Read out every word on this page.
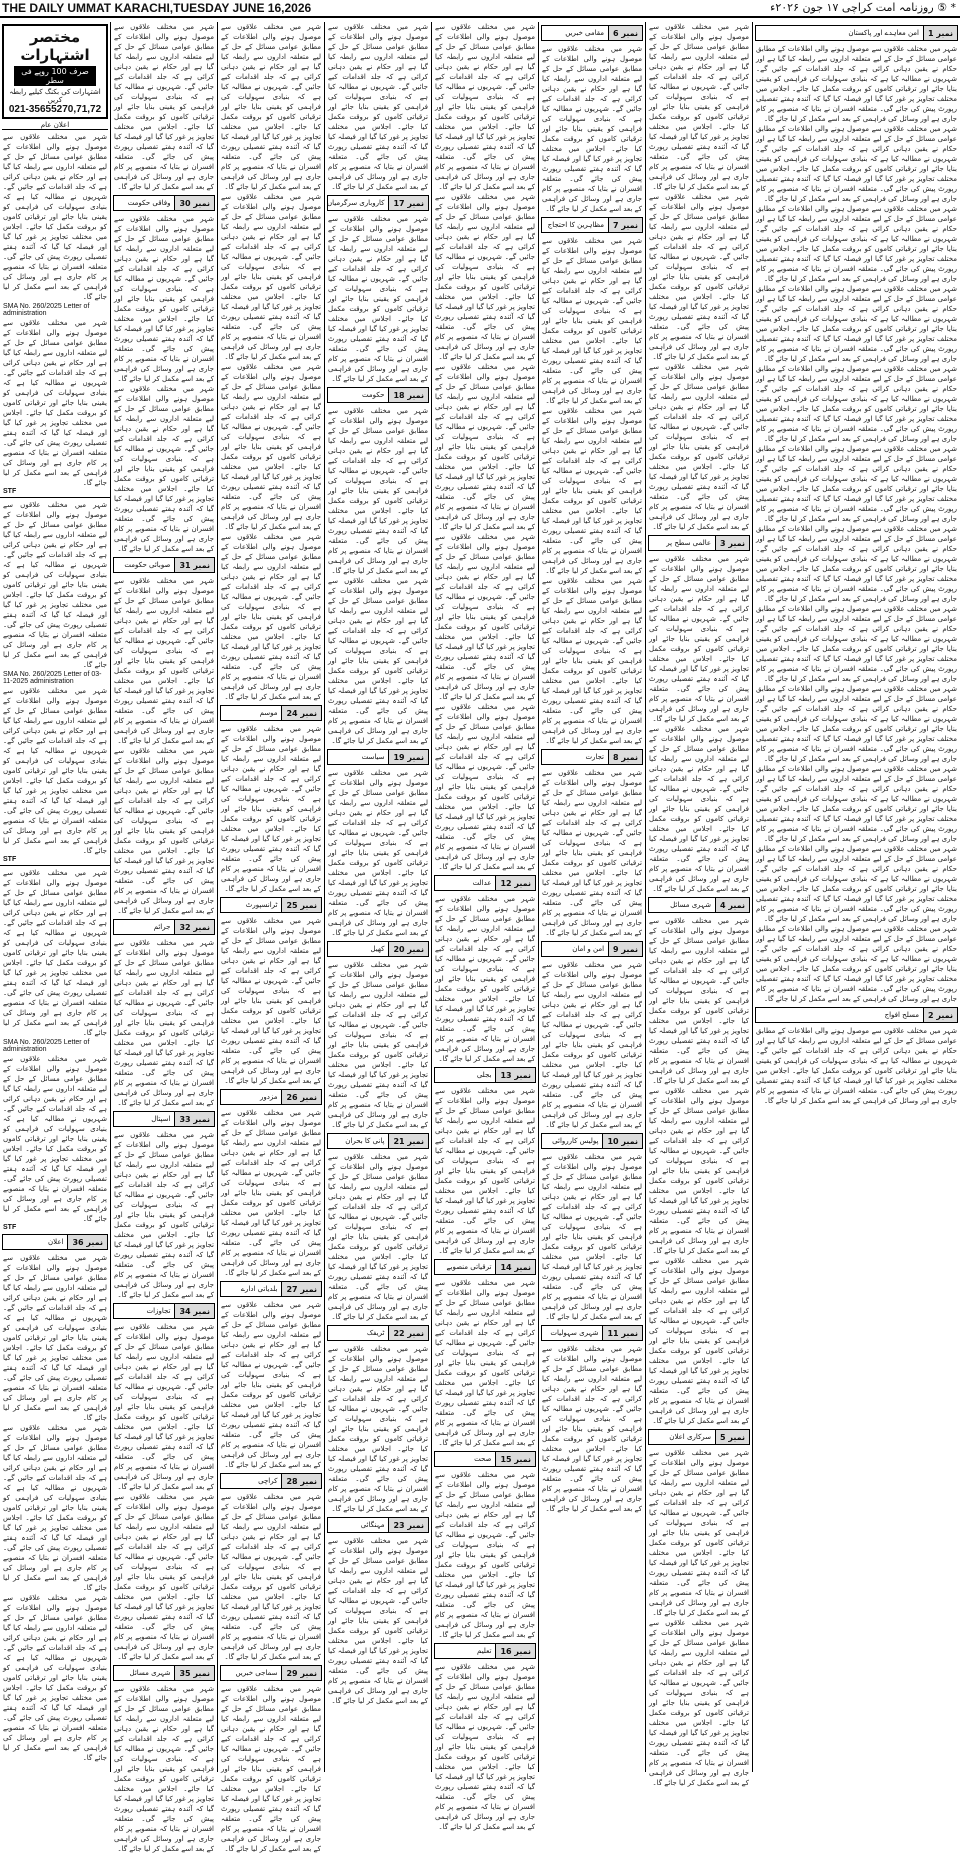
THE DAILY UMMAT KARACHI,TUESDAY JUNE 16,2026	* ⑤ روزنامہ امت کراچی ۱۷ جون ۲۰۲۶ء
مختصر اشتہارات
صرف 100 روپے فی سطر
اشتہارات کی بکنگ کیلیے رابطہ کریں
021-35655270,71,72
اعلان عام
شہر میں مختلف علاقوں سے موصول ہونے والی اطلاعات کے مطابق عوامی مسائل کے حل کے لیے متعلقہ اداروں سے رابطہ کیا گیا ہے اور حکام نے یقین دہانی کرائی ہے کہ جلد اقدامات کیے جائیں گے۔ شہریوں نے مطالبہ کیا ہے کہ بنیادی سہولیات کی فراہمی کو یقینی بنایا جائے اور ترقیاتی کاموں کو بروقت مکمل کیا جائے۔ اجلاس میں مختلف تجاویز پر غور کیا گیا اور فیصلہ کیا گیا کہ آئندہ ہفتے تفصیلی رپورٹ پیش کی جائے گی۔ متعلقہ افسران نے بتایا کہ منصوبے پر کام جاری ہے اور وسائل کی فراہمی کے بعد اسے مکمل کر لیا جائے گا۔
SMA No. 260/2025 Letter of administration
شہر میں مختلف علاقوں سے موصول ہونے والی اطلاعات کے مطابق عوامی مسائل کے حل کے لیے متعلقہ اداروں سے رابطہ کیا گیا ہے اور حکام نے یقین دہانی کرائی ہے کہ جلد اقدامات کیے جائیں گے۔ شہریوں نے مطالبہ کیا ہے کہ بنیادی سہولیات کی فراہمی کو یقینی بنایا جائے اور ترقیاتی کاموں کو بروقت مکمل کیا جائے۔ اجلاس میں مختلف تجاویز پر غور کیا گیا اور فیصلہ کیا گیا کہ آئندہ ہفتے تفصیلی رپورٹ پیش کی جائے گی۔ متعلقہ افسران نے بتایا کہ منصوبے پر کام جاری ہے اور وسائل کی فراہمی کے بعد اسے مکمل کر لیا جائے گا۔
STF
شہر میں مختلف علاقوں سے موصول ہونے والی اطلاعات کے مطابق عوامی مسائل کے حل کے لیے متعلقہ اداروں سے رابطہ کیا گیا ہے اور حکام نے یقین دہانی کرائی ہے کہ جلد اقدامات کیے جائیں گے۔ شہریوں نے مطالبہ کیا ہے کہ بنیادی سہولیات کی فراہمی کو یقینی بنایا جائے اور ترقیاتی کاموں کو بروقت مکمل کیا جائے۔ اجلاس میں مختلف تجاویز پر غور کیا گیا اور فیصلہ کیا گیا کہ آئندہ ہفتے تفصیلی رپورٹ پیش کی جائے گی۔ متعلقہ افسران نے بتایا کہ منصوبے پر کام جاری ہے اور وسائل کی فراہمی کے بعد اسے مکمل کر لیا جائے گا۔
SMA No. 260/2025 Letter of 03-11-2025 administration
شہر میں مختلف علاقوں سے موصول ہونے والی اطلاعات کے مطابق عوامی مسائل کے حل کے لیے متعلقہ اداروں سے رابطہ کیا گیا ہے اور حکام نے یقین دہانی کرائی ہے کہ جلد اقدامات کیے جائیں گے۔ شہریوں نے مطالبہ کیا ہے کہ بنیادی سہولیات کی فراہمی کو یقینی بنایا جائے اور ترقیاتی کاموں کو بروقت مکمل کیا جائے۔ اجلاس میں مختلف تجاویز پر غور کیا گیا اور فیصلہ کیا گیا کہ آئندہ ہفتے تفصیلی رپورٹ پیش کی جائے گی۔ متعلقہ افسران نے بتایا کہ منصوبے پر کام جاری ہے اور وسائل کی فراہمی کے بعد اسے مکمل کر لیا جائے گا۔
STF
شہر میں مختلف علاقوں سے موصول ہونے والی اطلاعات کے مطابق عوامی مسائل کے حل کے لیے متعلقہ اداروں سے رابطہ کیا گیا ہے اور حکام نے یقین دہانی کرائی ہے کہ جلد اقدامات کیے جائیں گے۔ شہریوں نے مطالبہ کیا ہے کہ بنیادی سہولیات کی فراہمی کو یقینی بنایا جائے اور ترقیاتی کاموں کو بروقت مکمل کیا جائے۔ اجلاس میں مختلف تجاویز پر غور کیا گیا اور فیصلہ کیا گیا کہ آئندہ ہفتے تفصیلی رپورٹ پیش کی جائے گی۔ متعلقہ افسران نے بتایا کہ منصوبے پر کام جاری ہے اور وسائل کی فراہمی کے بعد اسے مکمل کر لیا جائے گا۔
SMA No. 260/2025 Letter of administration
شہر میں مختلف علاقوں سے موصول ہونے والی اطلاعات کے مطابق عوامی مسائل کے حل کے لیے متعلقہ اداروں سے رابطہ کیا گیا ہے اور حکام نے یقین دہانی کرائی ہے کہ جلد اقدامات کیے جائیں گے۔ شہریوں نے مطالبہ کیا ہے کہ بنیادی سہولیات کی فراہمی کو یقینی بنایا جائے اور ترقیاتی کاموں کو بروقت مکمل کیا جائے۔ اجلاس میں مختلف تجاویز پر غور کیا گیا اور فیصلہ کیا گیا کہ آئندہ ہفتے تفصیلی رپورٹ پیش کی جائے گی۔ متعلقہ افسران نے بتایا کہ منصوبے پر کام جاری ہے اور وسائل کی فراہمی کے بعد اسے مکمل کر لیا جائے گا۔
STF
نمبر 36
اعلان
شہر میں مختلف علاقوں سے موصول ہونے والی اطلاعات کے مطابق عوامی مسائل کے حل کے لیے متعلقہ اداروں سے رابطہ کیا گیا ہے اور حکام نے یقین دہانی کرائی ہے کہ جلد اقدامات کیے جائیں گے۔ شہریوں نے مطالبہ کیا ہے کہ بنیادی سہولیات کی فراہمی کو یقینی بنایا جائے اور ترقیاتی کاموں کو بروقت مکمل کیا جائے۔ اجلاس میں مختلف تجاویز پر غور کیا گیا اور فیصلہ کیا گیا کہ آئندہ ہفتے تفصیلی رپورٹ پیش کی جائے گی۔ متعلقہ افسران نے بتایا کہ منصوبے پر کام جاری ہے اور وسائل کی فراہمی کے بعد اسے مکمل کر لیا جائے گا۔
شہر میں مختلف علاقوں سے موصول ہونے والی اطلاعات کے مطابق عوامی مسائل کے حل کے لیے متعلقہ اداروں سے رابطہ کیا گیا ہے اور حکام نے یقین دہانی کرائی ہے کہ جلد اقدامات کیے جائیں گے۔ شہریوں نے مطالبہ کیا ہے کہ بنیادی سہولیات کی فراہمی کو یقینی بنایا جائے اور ترقیاتی کاموں کو بروقت مکمل کیا جائے۔ اجلاس میں مختلف تجاویز پر غور کیا گیا اور فیصلہ کیا گیا کہ آئندہ ہفتے تفصیلی رپورٹ پیش کی جائے گی۔ متعلقہ افسران نے بتایا کہ منصوبے پر کام جاری ہے اور وسائل کی فراہمی کے بعد اسے مکمل کر لیا جائے گا۔
شہر میں مختلف علاقوں سے موصول ہونے والی اطلاعات کے مطابق عوامی مسائل کے حل کے لیے متعلقہ اداروں سے رابطہ کیا گیا ہے اور حکام نے یقین دہانی کرائی ہے کہ جلد اقدامات کیے جائیں گے۔ شہریوں نے مطالبہ کیا ہے کہ بنیادی سہولیات کی فراہمی کو یقینی بنایا جائے اور ترقیاتی کاموں کو بروقت مکمل کیا جائے۔ اجلاس میں مختلف تجاویز پر غور کیا گیا اور فیصلہ کیا گیا کہ آئندہ ہفتے تفصیلی رپورٹ پیش کی جائے گی۔ متعلقہ افسران نے بتایا کہ منصوبے پر کام جاری ہے اور وسائل کی فراہمی کے بعد اسے مکمل کر لیا جائے گا۔
شہر میں مختلف علاقوں سے موصول ہونے والی اطلاعات کے مطابق عوامی مسائل کے حل کے لیے متعلقہ اداروں سے رابطہ کیا گیا ہے اور حکام نے یقین دہانی کرائی ہے کہ جلد اقدامات کیے جائیں گے۔ شہریوں نے مطالبہ کیا ہے کہ بنیادی سہولیات کی فراہمی کو یقینی بنایا جائے اور ترقیاتی کاموں کو بروقت مکمل کیا جائے۔ اجلاس میں مختلف تجاویز پر غور کیا گیا اور فیصلہ کیا گیا کہ آئندہ ہفتے تفصیلی رپورٹ پیش کی جائے گی۔ متعلقہ افسران نے بتایا کہ منصوبے پر کام جاری ہے اور وسائل کی فراہمی کے بعد اسے مکمل کر لیا جائے گا۔
نمبر 30
وفاقی حکومت
شہر میں مختلف علاقوں سے موصول ہونے والی اطلاعات کے مطابق عوامی مسائل کے حل کے لیے متعلقہ اداروں سے رابطہ کیا گیا ہے اور حکام نے یقین دہانی کرائی ہے کہ جلد اقدامات کیے جائیں گے۔ شہریوں نے مطالبہ کیا ہے کہ بنیادی سہولیات کی فراہمی کو یقینی بنایا جائے اور ترقیاتی کاموں کو بروقت مکمل کیا جائے۔ اجلاس میں مختلف تجاویز پر غور کیا گیا اور فیصلہ کیا گیا کہ آئندہ ہفتے تفصیلی رپورٹ پیش کی جائے گی۔ متعلقہ افسران نے بتایا کہ منصوبے پر کام جاری ہے اور وسائل کی فراہمی کے بعد اسے مکمل کر لیا جائے گا۔
شہر میں مختلف علاقوں سے موصول ہونے والی اطلاعات کے مطابق عوامی مسائل کے حل کے لیے متعلقہ اداروں سے رابطہ کیا گیا ہے اور حکام نے یقین دہانی کرائی ہے کہ جلد اقدامات کیے جائیں گے۔ شہریوں نے مطالبہ کیا ہے کہ بنیادی سہولیات کی فراہمی کو یقینی بنایا جائے اور ترقیاتی کاموں کو بروقت مکمل کیا جائے۔ اجلاس میں مختلف تجاویز پر غور کیا گیا اور فیصلہ کیا گیا کہ آئندہ ہفتے تفصیلی رپورٹ پیش کی جائے گی۔ متعلقہ افسران نے بتایا کہ منصوبے پر کام جاری ہے اور وسائل کی فراہمی کے بعد اسے مکمل کر لیا جائے گا۔
نمبر 31
صوبائی حکومت
شہر میں مختلف علاقوں سے موصول ہونے والی اطلاعات کے مطابق عوامی مسائل کے حل کے لیے متعلقہ اداروں سے رابطہ کیا گیا ہے اور حکام نے یقین دہانی کرائی ہے کہ جلد اقدامات کیے جائیں گے۔ شہریوں نے مطالبہ کیا ہے کہ بنیادی سہولیات کی فراہمی کو یقینی بنایا جائے اور ترقیاتی کاموں کو بروقت مکمل کیا جائے۔ اجلاس میں مختلف تجاویز پر غور کیا گیا اور فیصلہ کیا گیا کہ آئندہ ہفتے تفصیلی رپورٹ پیش کی جائے گی۔ متعلقہ افسران نے بتایا کہ منصوبے پر کام جاری ہے اور وسائل کی فراہمی کے بعد اسے مکمل کر لیا جائے گا۔
شہر میں مختلف علاقوں سے موصول ہونے والی اطلاعات کے مطابق عوامی مسائل کے حل کے لیے متعلقہ اداروں سے رابطہ کیا گیا ہے اور حکام نے یقین دہانی کرائی ہے کہ جلد اقدامات کیے جائیں گے۔ شہریوں نے مطالبہ کیا ہے کہ بنیادی سہولیات کی فراہمی کو یقینی بنایا جائے اور ترقیاتی کاموں کو بروقت مکمل کیا جائے۔ اجلاس میں مختلف تجاویز پر غور کیا گیا اور فیصلہ کیا گیا کہ آئندہ ہفتے تفصیلی رپورٹ پیش کی جائے گی۔ متعلقہ افسران نے بتایا کہ منصوبے پر کام جاری ہے اور وسائل کی فراہمی کے بعد اسے مکمل کر لیا جائے گا۔
نمبر 32
جرائم
شہر میں مختلف علاقوں سے موصول ہونے والی اطلاعات کے مطابق عوامی مسائل کے حل کے لیے متعلقہ اداروں سے رابطہ کیا گیا ہے اور حکام نے یقین دہانی کرائی ہے کہ جلد اقدامات کیے جائیں گے۔ شہریوں نے مطالبہ کیا ہے کہ بنیادی سہولیات کی فراہمی کو یقینی بنایا جائے اور ترقیاتی کاموں کو بروقت مکمل کیا جائے۔ اجلاس میں مختلف تجاویز پر غور کیا گیا اور فیصلہ کیا گیا کہ آئندہ ہفتے تفصیلی رپورٹ پیش کی جائے گی۔ متعلقہ افسران نے بتایا کہ منصوبے پر کام جاری ہے اور وسائل کی فراہمی کے بعد اسے مکمل کر لیا جائے گا۔
نمبر 33
اسپتال
شہر میں مختلف علاقوں سے موصول ہونے والی اطلاعات کے مطابق عوامی مسائل کے حل کے لیے متعلقہ اداروں سے رابطہ کیا گیا ہے اور حکام نے یقین دہانی کرائی ہے کہ جلد اقدامات کیے جائیں گے۔ شہریوں نے مطالبہ کیا ہے کہ بنیادی سہولیات کی فراہمی کو یقینی بنایا جائے اور ترقیاتی کاموں کو بروقت مکمل کیا جائے۔ اجلاس میں مختلف تجاویز پر غور کیا گیا اور فیصلہ کیا گیا کہ آئندہ ہفتے تفصیلی رپورٹ پیش کی جائے گی۔ متعلقہ افسران نے بتایا کہ منصوبے پر کام جاری ہے اور وسائل کی فراہمی کے بعد اسے مکمل کر لیا جائے گا۔
نمبر 34
تجاوزات
شہر میں مختلف علاقوں سے موصول ہونے والی اطلاعات کے مطابق عوامی مسائل کے حل کے لیے متعلقہ اداروں سے رابطہ کیا گیا ہے اور حکام نے یقین دہانی کرائی ہے کہ جلد اقدامات کیے جائیں گے۔ شہریوں نے مطالبہ کیا ہے کہ بنیادی سہولیات کی فراہمی کو یقینی بنایا جائے اور ترقیاتی کاموں کو بروقت مکمل کیا جائے۔ اجلاس میں مختلف تجاویز پر غور کیا گیا اور فیصلہ کیا گیا کہ آئندہ ہفتے تفصیلی رپورٹ پیش کی جائے گی۔ متعلقہ افسران نے بتایا کہ منصوبے پر کام جاری ہے اور وسائل کی فراہمی کے بعد اسے مکمل کر لیا جائے گا۔
شہر میں مختلف علاقوں سے موصول ہونے والی اطلاعات کے مطابق عوامی مسائل کے حل کے لیے متعلقہ اداروں سے رابطہ کیا گیا ہے اور حکام نے یقین دہانی کرائی ہے کہ جلد اقدامات کیے جائیں گے۔ شہریوں نے مطالبہ کیا ہے کہ بنیادی سہولیات کی فراہمی کو یقینی بنایا جائے اور ترقیاتی کاموں کو بروقت مکمل کیا جائے۔ اجلاس میں مختلف تجاویز پر غور کیا گیا اور فیصلہ کیا گیا کہ آئندہ ہفتے تفصیلی رپورٹ پیش کی جائے گی۔ متعلقہ افسران نے بتایا کہ منصوبے پر کام جاری ہے اور وسائل کی فراہمی کے بعد اسے مکمل کر لیا جائے گا۔
نمبر 35
شہری مسائل
شہر میں مختلف علاقوں سے موصول ہونے والی اطلاعات کے مطابق عوامی مسائل کے حل کے لیے متعلقہ اداروں سے رابطہ کیا گیا ہے اور حکام نے یقین دہانی کرائی ہے کہ جلد اقدامات کیے جائیں گے۔ شہریوں نے مطالبہ کیا ہے کہ بنیادی سہولیات کی فراہمی کو یقینی بنایا جائے اور ترقیاتی کاموں کو بروقت مکمل کیا جائے۔ اجلاس میں مختلف تجاویز پر غور کیا گیا اور فیصلہ کیا گیا کہ آئندہ ہفتے تفصیلی رپورٹ پیش کی جائے گی۔ متعلقہ افسران نے بتایا کہ منصوبے پر کام جاری ہے اور وسائل کی فراہمی کے بعد اسے مکمل کر لیا جائے گا۔
شہر میں مختلف علاقوں سے موصول ہونے والی اطلاعات کے مطابق عوامی مسائل کے حل کے لیے متعلقہ اداروں سے رابطہ کیا گیا ہے اور حکام نے یقین دہانی کرائی ہے کہ جلد اقدامات کیے جائیں گے۔ شہریوں نے مطالبہ کیا ہے کہ بنیادی سہولیات کی فراہمی کو یقینی بنایا جائے اور ترقیاتی کاموں کو بروقت مکمل کیا جائے۔ اجلاس میں مختلف تجاویز پر غور کیا گیا اور فیصلہ کیا گیا کہ آئندہ ہفتے تفصیلی رپورٹ پیش کی جائے گی۔ متعلقہ افسران نے بتایا کہ منصوبے پر کام جاری ہے اور وسائل کی فراہمی کے بعد اسے مکمل کر لیا جائے گا۔
شہر میں مختلف علاقوں سے موصول ہونے والی اطلاعات کے مطابق عوامی مسائل کے حل کے لیے متعلقہ اداروں سے رابطہ کیا گیا ہے اور حکام نے یقین دہانی کرائی ہے کہ جلد اقدامات کیے جائیں گے۔ شہریوں نے مطالبہ کیا ہے کہ بنیادی سہولیات کی فراہمی کو یقینی بنایا جائے اور ترقیاتی کاموں کو بروقت مکمل کیا جائے۔ اجلاس میں مختلف تجاویز پر غور کیا گیا اور فیصلہ کیا گیا کہ آئندہ ہفتے تفصیلی رپورٹ پیش کی جائے گی۔ متعلقہ افسران نے بتایا کہ منصوبے پر کام جاری ہے اور وسائل کی فراہمی کے بعد اسے مکمل کر لیا جائے گا۔
شہر میں مختلف علاقوں سے موصول ہونے والی اطلاعات کے مطابق عوامی مسائل کے حل کے لیے متعلقہ اداروں سے رابطہ کیا گیا ہے اور حکام نے یقین دہانی کرائی ہے کہ جلد اقدامات کیے جائیں گے۔ شہریوں نے مطالبہ کیا ہے کہ بنیادی سہولیات کی فراہمی کو یقینی بنایا جائے اور ترقیاتی کاموں کو بروقت مکمل کیا جائے۔ اجلاس میں مختلف تجاویز پر غور کیا گیا اور فیصلہ کیا گیا کہ آئندہ ہفتے تفصیلی رپورٹ پیش کی جائے گی۔ متعلقہ افسران نے بتایا کہ منصوبے پر کام جاری ہے اور وسائل کی فراہمی کے بعد اسے مکمل کر لیا جائے گا۔
شہر میں مختلف علاقوں سے موصول ہونے والی اطلاعات کے مطابق عوامی مسائل کے حل کے لیے متعلقہ اداروں سے رابطہ کیا گیا ہے اور حکام نے یقین دہانی کرائی ہے کہ جلد اقدامات کیے جائیں گے۔ شہریوں نے مطالبہ کیا ہے کہ بنیادی سہولیات کی فراہمی کو یقینی بنایا جائے اور ترقیاتی کاموں کو بروقت مکمل کیا جائے۔ اجلاس میں مختلف تجاویز پر غور کیا گیا اور فیصلہ کیا گیا کہ آئندہ ہفتے تفصیلی رپورٹ پیش کی جائے گی۔ متعلقہ افسران نے بتایا کہ منصوبے پر کام جاری ہے اور وسائل کی فراہمی کے بعد اسے مکمل کر لیا جائے گا۔
نمبر 24
موسم
شہر میں مختلف علاقوں سے موصول ہونے والی اطلاعات کے مطابق عوامی مسائل کے حل کے لیے متعلقہ اداروں سے رابطہ کیا گیا ہے اور حکام نے یقین دہانی کرائی ہے کہ جلد اقدامات کیے جائیں گے۔ شہریوں نے مطالبہ کیا ہے کہ بنیادی سہولیات کی فراہمی کو یقینی بنایا جائے اور ترقیاتی کاموں کو بروقت مکمل کیا جائے۔ اجلاس میں مختلف تجاویز پر غور کیا گیا اور فیصلہ کیا گیا کہ آئندہ ہفتے تفصیلی رپورٹ پیش کی جائے گی۔ متعلقہ افسران نے بتایا کہ منصوبے پر کام جاری ہے اور وسائل کی فراہمی کے بعد اسے مکمل کر لیا جائے گا۔
نمبر 25
ٹرانسپورٹ
شہر میں مختلف علاقوں سے موصول ہونے والی اطلاعات کے مطابق عوامی مسائل کے حل کے لیے متعلقہ اداروں سے رابطہ کیا گیا ہے اور حکام نے یقین دہانی کرائی ہے کہ جلد اقدامات کیے جائیں گے۔ شہریوں نے مطالبہ کیا ہے کہ بنیادی سہولیات کی فراہمی کو یقینی بنایا جائے اور ترقیاتی کاموں کو بروقت مکمل کیا جائے۔ اجلاس میں مختلف تجاویز پر غور کیا گیا اور فیصلہ کیا گیا کہ آئندہ ہفتے تفصیلی رپورٹ پیش کی جائے گی۔ متعلقہ افسران نے بتایا کہ منصوبے پر کام جاری ہے اور وسائل کی فراہمی کے بعد اسے مکمل کر لیا جائے گا۔
نمبر 26
مزدور
شہر میں مختلف علاقوں سے موصول ہونے والی اطلاعات کے مطابق عوامی مسائل کے حل کے لیے متعلقہ اداروں سے رابطہ کیا گیا ہے اور حکام نے یقین دہانی کرائی ہے کہ جلد اقدامات کیے جائیں گے۔ شہریوں نے مطالبہ کیا ہے کہ بنیادی سہولیات کی فراہمی کو یقینی بنایا جائے اور ترقیاتی کاموں کو بروقت مکمل کیا جائے۔ اجلاس میں مختلف تجاویز پر غور کیا گیا اور فیصلہ کیا گیا کہ آئندہ ہفتے تفصیلی رپورٹ پیش کی جائے گی۔ متعلقہ افسران نے بتایا کہ منصوبے پر کام جاری ہے اور وسائل کی فراہمی کے بعد اسے مکمل کر لیا جائے گا۔
نمبر 27
بلدیاتی ادارے
شہر میں مختلف علاقوں سے موصول ہونے والی اطلاعات کے مطابق عوامی مسائل کے حل کے لیے متعلقہ اداروں سے رابطہ کیا گیا ہے اور حکام نے یقین دہانی کرائی ہے کہ جلد اقدامات کیے جائیں گے۔ شہریوں نے مطالبہ کیا ہے کہ بنیادی سہولیات کی فراہمی کو یقینی بنایا جائے اور ترقیاتی کاموں کو بروقت مکمل کیا جائے۔ اجلاس میں مختلف تجاویز پر غور کیا گیا اور فیصلہ کیا گیا کہ آئندہ ہفتے تفصیلی رپورٹ پیش کی جائے گی۔ متعلقہ افسران نے بتایا کہ منصوبے پر کام جاری ہے اور وسائل کی فراہمی کے بعد اسے مکمل کر لیا جائے گا۔
نمبر 28
کراچی
شہر میں مختلف علاقوں سے موصول ہونے والی اطلاعات کے مطابق عوامی مسائل کے حل کے لیے متعلقہ اداروں سے رابطہ کیا گیا ہے اور حکام نے یقین دہانی کرائی ہے کہ جلد اقدامات کیے جائیں گے۔ شہریوں نے مطالبہ کیا ہے کہ بنیادی سہولیات کی فراہمی کو یقینی بنایا جائے اور ترقیاتی کاموں کو بروقت مکمل کیا جائے۔ اجلاس میں مختلف تجاویز پر غور کیا گیا اور فیصلہ کیا گیا کہ آئندہ ہفتے تفصیلی رپورٹ پیش کی جائے گی۔ متعلقہ افسران نے بتایا کہ منصوبے پر کام جاری ہے اور وسائل کی فراہمی کے بعد اسے مکمل کر لیا جائے گا۔
نمبر 29
سماجی خبریں
شہر میں مختلف علاقوں سے موصول ہونے والی اطلاعات کے مطابق عوامی مسائل کے حل کے لیے متعلقہ اداروں سے رابطہ کیا گیا ہے اور حکام نے یقین دہانی کرائی ہے کہ جلد اقدامات کیے جائیں گے۔ شہریوں نے مطالبہ کیا ہے کہ بنیادی سہولیات کی فراہمی کو یقینی بنایا جائے اور ترقیاتی کاموں کو بروقت مکمل کیا جائے۔ اجلاس میں مختلف تجاویز پر غور کیا گیا اور فیصلہ کیا گیا کہ آئندہ ہفتے تفصیلی رپورٹ پیش کی جائے گی۔ متعلقہ افسران نے بتایا کہ منصوبے پر کام جاری ہے اور وسائل کی فراہمی کے بعد اسے مکمل کر لیا جائے گا۔
شہر میں مختلف علاقوں سے موصول ہونے والی اطلاعات کے مطابق عوامی مسائل کے حل کے لیے متعلقہ اداروں سے رابطہ کیا گیا ہے اور حکام نے یقین دہانی کرائی ہے کہ جلد اقدامات کیے جائیں گے۔ شہریوں نے مطالبہ کیا ہے کہ بنیادی سہولیات کی فراہمی کو یقینی بنایا جائے اور ترقیاتی کاموں کو بروقت مکمل کیا جائے۔ اجلاس میں مختلف تجاویز پر غور کیا گیا اور فیصلہ کیا گیا کہ آئندہ ہفتے تفصیلی رپورٹ پیش کی جائے گی۔ متعلقہ افسران نے بتایا کہ منصوبے پر کام جاری ہے اور وسائل کی فراہمی کے بعد اسے مکمل کر لیا جائے گا۔
نمبر 17
کاروباری سرگرمیاں
شہر میں مختلف علاقوں سے موصول ہونے والی اطلاعات کے مطابق عوامی مسائل کے حل کے لیے متعلقہ اداروں سے رابطہ کیا گیا ہے اور حکام نے یقین دہانی کرائی ہے کہ جلد اقدامات کیے جائیں گے۔ شہریوں نے مطالبہ کیا ہے کہ بنیادی سہولیات کی فراہمی کو یقینی بنایا جائے اور ترقیاتی کاموں کو بروقت مکمل کیا جائے۔ اجلاس میں مختلف تجاویز پر غور کیا گیا اور فیصلہ کیا گیا کہ آئندہ ہفتے تفصیلی رپورٹ پیش کی جائے گی۔ متعلقہ افسران نے بتایا کہ منصوبے پر کام جاری ہے اور وسائل کی فراہمی کے بعد اسے مکمل کر لیا جائے گا۔
نمبر 18
حکومت
شہر میں مختلف علاقوں سے موصول ہونے والی اطلاعات کے مطابق عوامی مسائل کے حل کے لیے متعلقہ اداروں سے رابطہ کیا گیا ہے اور حکام نے یقین دہانی کرائی ہے کہ جلد اقدامات کیے جائیں گے۔ شہریوں نے مطالبہ کیا ہے کہ بنیادی سہولیات کی فراہمی کو یقینی بنایا جائے اور ترقیاتی کاموں کو بروقت مکمل کیا جائے۔ اجلاس میں مختلف تجاویز پر غور کیا گیا اور فیصلہ کیا گیا کہ آئندہ ہفتے تفصیلی رپورٹ پیش کی جائے گی۔ متعلقہ افسران نے بتایا کہ منصوبے پر کام جاری ہے اور وسائل کی فراہمی کے بعد اسے مکمل کر لیا جائے گا۔
شہر میں مختلف علاقوں سے موصول ہونے والی اطلاعات کے مطابق عوامی مسائل کے حل کے لیے متعلقہ اداروں سے رابطہ کیا گیا ہے اور حکام نے یقین دہانی کرائی ہے کہ جلد اقدامات کیے جائیں گے۔ شہریوں نے مطالبہ کیا ہے کہ بنیادی سہولیات کی فراہمی کو یقینی بنایا جائے اور ترقیاتی کاموں کو بروقت مکمل کیا جائے۔ اجلاس میں مختلف تجاویز پر غور کیا گیا اور فیصلہ کیا گیا کہ آئندہ ہفتے تفصیلی رپورٹ پیش کی جائے گی۔ متعلقہ افسران نے بتایا کہ منصوبے پر کام جاری ہے اور وسائل کی فراہمی کے بعد اسے مکمل کر لیا جائے گا۔
نمبر 19
سیاست
شہر میں مختلف علاقوں سے موصول ہونے والی اطلاعات کے مطابق عوامی مسائل کے حل کے لیے متعلقہ اداروں سے رابطہ کیا گیا ہے اور حکام نے یقین دہانی کرائی ہے کہ جلد اقدامات کیے جائیں گے۔ شہریوں نے مطالبہ کیا ہے کہ بنیادی سہولیات کی فراہمی کو یقینی بنایا جائے اور ترقیاتی کاموں کو بروقت مکمل کیا جائے۔ اجلاس میں مختلف تجاویز پر غور کیا گیا اور فیصلہ کیا گیا کہ آئندہ ہفتے تفصیلی رپورٹ پیش کی جائے گی۔ متعلقہ افسران نے بتایا کہ منصوبے پر کام جاری ہے اور وسائل کی فراہمی کے بعد اسے مکمل کر لیا جائے گا۔
نمبر 20
کھیل
شہر میں مختلف علاقوں سے موصول ہونے والی اطلاعات کے مطابق عوامی مسائل کے حل کے لیے متعلقہ اداروں سے رابطہ کیا گیا ہے اور حکام نے یقین دہانی کرائی ہے کہ جلد اقدامات کیے جائیں گے۔ شہریوں نے مطالبہ کیا ہے کہ بنیادی سہولیات کی فراہمی کو یقینی بنایا جائے اور ترقیاتی کاموں کو بروقت مکمل کیا جائے۔ اجلاس میں مختلف تجاویز پر غور کیا گیا اور فیصلہ کیا گیا کہ آئندہ ہفتے تفصیلی رپورٹ پیش کی جائے گی۔ متعلقہ افسران نے بتایا کہ منصوبے پر کام جاری ہے اور وسائل کی فراہمی کے بعد اسے مکمل کر لیا جائے گا۔
نمبر 21
پانی کا بحران
شہر میں مختلف علاقوں سے موصول ہونے والی اطلاعات کے مطابق عوامی مسائل کے حل کے لیے متعلقہ اداروں سے رابطہ کیا گیا ہے اور حکام نے یقین دہانی کرائی ہے کہ جلد اقدامات کیے جائیں گے۔ شہریوں نے مطالبہ کیا ہے کہ بنیادی سہولیات کی فراہمی کو یقینی بنایا جائے اور ترقیاتی کاموں کو بروقت مکمل کیا جائے۔ اجلاس میں مختلف تجاویز پر غور کیا گیا اور فیصلہ کیا گیا کہ آئندہ ہفتے تفصیلی رپورٹ پیش کی جائے گی۔ متعلقہ افسران نے بتایا کہ منصوبے پر کام جاری ہے اور وسائل کی فراہمی کے بعد اسے مکمل کر لیا جائے گا۔
نمبر 22
ٹریفک
شہر میں مختلف علاقوں سے موصول ہونے والی اطلاعات کے مطابق عوامی مسائل کے حل کے لیے متعلقہ اداروں سے رابطہ کیا گیا ہے اور حکام نے یقین دہانی کرائی ہے کہ جلد اقدامات کیے جائیں گے۔ شہریوں نے مطالبہ کیا ہے کہ بنیادی سہولیات کی فراہمی کو یقینی بنایا جائے اور ترقیاتی کاموں کو بروقت مکمل کیا جائے۔ اجلاس میں مختلف تجاویز پر غور کیا گیا اور فیصلہ کیا گیا کہ آئندہ ہفتے تفصیلی رپورٹ پیش کی جائے گی۔ متعلقہ افسران نے بتایا کہ منصوبے پر کام جاری ہے اور وسائل کی فراہمی کے بعد اسے مکمل کر لیا جائے گا۔
نمبر 23
مہنگائی
شہر میں مختلف علاقوں سے موصول ہونے والی اطلاعات کے مطابق عوامی مسائل کے حل کے لیے متعلقہ اداروں سے رابطہ کیا گیا ہے اور حکام نے یقین دہانی کرائی ہے کہ جلد اقدامات کیے جائیں گے۔ شہریوں نے مطالبہ کیا ہے کہ بنیادی سہولیات کی فراہمی کو یقینی بنایا جائے اور ترقیاتی کاموں کو بروقت مکمل کیا جائے۔ اجلاس میں مختلف تجاویز پر غور کیا گیا اور فیصلہ کیا گیا کہ آئندہ ہفتے تفصیلی رپورٹ پیش کی جائے گی۔ متعلقہ افسران نے بتایا کہ منصوبے پر کام جاری ہے اور وسائل کی فراہمی کے بعد اسے مکمل کر لیا جائے گا۔
شہر میں مختلف علاقوں سے موصول ہونے والی اطلاعات کے مطابق عوامی مسائل کے حل کے لیے متعلقہ اداروں سے رابطہ کیا گیا ہے اور حکام نے یقین دہانی کرائی ہے کہ جلد اقدامات کیے جائیں گے۔ شہریوں نے مطالبہ کیا ہے کہ بنیادی سہولیات کی فراہمی کو یقینی بنایا جائے اور ترقیاتی کاموں کو بروقت مکمل کیا جائے۔ اجلاس میں مختلف تجاویز پر غور کیا گیا اور فیصلہ کیا گیا کہ آئندہ ہفتے تفصیلی رپورٹ پیش کی جائے گی۔ متعلقہ افسران نے بتایا کہ منصوبے پر کام جاری ہے اور وسائل کی فراہمی کے بعد اسے مکمل کر لیا جائے گا۔
شہر میں مختلف علاقوں سے موصول ہونے والی اطلاعات کے مطابق عوامی مسائل کے حل کے لیے متعلقہ اداروں سے رابطہ کیا گیا ہے اور حکام نے یقین دہانی کرائی ہے کہ جلد اقدامات کیے جائیں گے۔ شہریوں نے مطالبہ کیا ہے کہ بنیادی سہولیات کی فراہمی کو یقینی بنایا جائے اور ترقیاتی کاموں کو بروقت مکمل کیا جائے۔ اجلاس میں مختلف تجاویز پر غور کیا گیا اور فیصلہ کیا گیا کہ آئندہ ہفتے تفصیلی رپورٹ پیش کی جائے گی۔ متعلقہ افسران نے بتایا کہ منصوبے پر کام جاری ہے اور وسائل کی فراہمی کے بعد اسے مکمل کر لیا جائے گا۔
شہر میں مختلف علاقوں سے موصول ہونے والی اطلاعات کے مطابق عوامی مسائل کے حل کے لیے متعلقہ اداروں سے رابطہ کیا گیا ہے اور حکام نے یقین دہانی کرائی ہے کہ جلد اقدامات کیے جائیں گے۔ شہریوں نے مطالبہ کیا ہے کہ بنیادی سہولیات کی فراہمی کو یقینی بنایا جائے اور ترقیاتی کاموں کو بروقت مکمل کیا جائے۔ اجلاس میں مختلف تجاویز پر غور کیا گیا اور فیصلہ کیا گیا کہ آئندہ ہفتے تفصیلی رپورٹ پیش کی جائے گی۔ متعلقہ افسران نے بتایا کہ منصوبے پر کام جاری ہے اور وسائل کی فراہمی کے بعد اسے مکمل کر لیا جائے گا۔
شہر میں مختلف علاقوں سے موصول ہونے والی اطلاعات کے مطابق عوامی مسائل کے حل کے لیے متعلقہ اداروں سے رابطہ کیا گیا ہے اور حکام نے یقین دہانی کرائی ہے کہ جلد اقدامات کیے جائیں گے۔ شہریوں نے مطالبہ کیا ہے کہ بنیادی سہولیات کی فراہمی کو یقینی بنایا جائے اور ترقیاتی کاموں کو بروقت مکمل کیا جائے۔ اجلاس میں مختلف تجاویز پر غور کیا گیا اور فیصلہ کیا گیا کہ آئندہ ہفتے تفصیلی رپورٹ پیش کی جائے گی۔ متعلقہ افسران نے بتایا کہ منصوبے پر کام جاری ہے اور وسائل کی فراہمی کے بعد اسے مکمل کر لیا جائے گا۔
شہر میں مختلف علاقوں سے موصول ہونے والی اطلاعات کے مطابق عوامی مسائل کے حل کے لیے متعلقہ اداروں سے رابطہ کیا گیا ہے اور حکام نے یقین دہانی کرائی ہے کہ جلد اقدامات کیے جائیں گے۔ شہریوں نے مطالبہ کیا ہے کہ بنیادی سہولیات کی فراہمی کو یقینی بنایا جائے اور ترقیاتی کاموں کو بروقت مکمل کیا جائے۔ اجلاس میں مختلف تجاویز پر غور کیا گیا اور فیصلہ کیا گیا کہ آئندہ ہفتے تفصیلی رپورٹ پیش کی جائے گی۔ متعلقہ افسران نے بتایا کہ منصوبے پر کام جاری ہے اور وسائل کی فراہمی کے بعد اسے مکمل کر لیا جائے گا۔
نمبر 12
عدالت
شہر میں مختلف علاقوں سے موصول ہونے والی اطلاعات کے مطابق عوامی مسائل کے حل کے لیے متعلقہ اداروں سے رابطہ کیا گیا ہے اور حکام نے یقین دہانی کرائی ہے کہ جلد اقدامات کیے جائیں گے۔ شہریوں نے مطالبہ کیا ہے کہ بنیادی سہولیات کی فراہمی کو یقینی بنایا جائے اور ترقیاتی کاموں کو بروقت مکمل کیا جائے۔ اجلاس میں مختلف تجاویز پر غور کیا گیا اور فیصلہ کیا گیا کہ آئندہ ہفتے تفصیلی رپورٹ پیش کی جائے گی۔ متعلقہ افسران نے بتایا کہ منصوبے پر کام جاری ہے اور وسائل کی فراہمی کے بعد اسے مکمل کر لیا جائے گا۔
نمبر 13
بجلی
شہر میں مختلف علاقوں سے موصول ہونے والی اطلاعات کے مطابق عوامی مسائل کے حل کے لیے متعلقہ اداروں سے رابطہ کیا گیا ہے اور حکام نے یقین دہانی کرائی ہے کہ جلد اقدامات کیے جائیں گے۔ شہریوں نے مطالبہ کیا ہے کہ بنیادی سہولیات کی فراہمی کو یقینی بنایا جائے اور ترقیاتی کاموں کو بروقت مکمل کیا جائے۔ اجلاس میں مختلف تجاویز پر غور کیا گیا اور فیصلہ کیا گیا کہ آئندہ ہفتے تفصیلی رپورٹ پیش کی جائے گی۔ متعلقہ افسران نے بتایا کہ منصوبے پر کام جاری ہے اور وسائل کی فراہمی کے بعد اسے مکمل کر لیا جائے گا۔
نمبر 14
ترقیاتی منصوبے
شہر میں مختلف علاقوں سے موصول ہونے والی اطلاعات کے مطابق عوامی مسائل کے حل کے لیے متعلقہ اداروں سے رابطہ کیا گیا ہے اور حکام نے یقین دہانی کرائی ہے کہ جلد اقدامات کیے جائیں گے۔ شہریوں نے مطالبہ کیا ہے کہ بنیادی سہولیات کی فراہمی کو یقینی بنایا جائے اور ترقیاتی کاموں کو بروقت مکمل کیا جائے۔ اجلاس میں مختلف تجاویز پر غور کیا گیا اور فیصلہ کیا گیا کہ آئندہ ہفتے تفصیلی رپورٹ پیش کی جائے گی۔ متعلقہ افسران نے بتایا کہ منصوبے پر کام جاری ہے اور وسائل کی فراہمی کے بعد اسے مکمل کر لیا جائے گا۔
نمبر 15
صحت
شہر میں مختلف علاقوں سے موصول ہونے والی اطلاعات کے مطابق عوامی مسائل کے حل کے لیے متعلقہ اداروں سے رابطہ کیا گیا ہے اور حکام نے یقین دہانی کرائی ہے کہ جلد اقدامات کیے جائیں گے۔ شہریوں نے مطالبہ کیا ہے کہ بنیادی سہولیات کی فراہمی کو یقینی بنایا جائے اور ترقیاتی کاموں کو بروقت مکمل کیا جائے۔ اجلاس میں مختلف تجاویز پر غور کیا گیا اور فیصلہ کیا گیا کہ آئندہ ہفتے تفصیلی رپورٹ پیش کی جائے گی۔ متعلقہ افسران نے بتایا کہ منصوبے پر کام جاری ہے اور وسائل کی فراہمی کے بعد اسے مکمل کر لیا جائے گا۔
نمبر 16
تعلیم
شہر میں مختلف علاقوں سے موصول ہونے والی اطلاعات کے مطابق عوامی مسائل کے حل کے لیے متعلقہ اداروں سے رابطہ کیا گیا ہے اور حکام نے یقین دہانی کرائی ہے کہ جلد اقدامات کیے جائیں گے۔ شہریوں نے مطالبہ کیا ہے کہ بنیادی سہولیات کی فراہمی کو یقینی بنایا جائے اور ترقیاتی کاموں کو بروقت مکمل کیا جائے۔ اجلاس میں مختلف تجاویز پر غور کیا گیا اور فیصلہ کیا گیا کہ آئندہ ہفتے تفصیلی رپورٹ پیش کی جائے گی۔ متعلقہ افسران نے بتایا کہ منصوبے پر کام جاری ہے اور وسائل کی فراہمی کے بعد اسے مکمل کر لیا جائے گا۔
نمبر 6
مقامی خبریں
شہر میں مختلف علاقوں سے موصول ہونے والی اطلاعات کے مطابق عوامی مسائل کے حل کے لیے متعلقہ اداروں سے رابطہ کیا گیا ہے اور حکام نے یقین دہانی کرائی ہے کہ جلد اقدامات کیے جائیں گے۔ شہریوں نے مطالبہ کیا ہے کہ بنیادی سہولیات کی فراہمی کو یقینی بنایا جائے اور ترقیاتی کاموں کو بروقت مکمل کیا جائے۔ اجلاس میں مختلف تجاویز پر غور کیا گیا اور فیصلہ کیا گیا کہ آئندہ ہفتے تفصیلی رپورٹ پیش کی جائے گی۔ متعلقہ افسران نے بتایا کہ منصوبے پر کام جاری ہے اور وسائل کی فراہمی کے بعد اسے مکمل کر لیا جائے گا۔
نمبر 7
مظاہرین کا احتجاج
شہر میں مختلف علاقوں سے موصول ہونے والی اطلاعات کے مطابق عوامی مسائل کے حل کے لیے متعلقہ اداروں سے رابطہ کیا گیا ہے اور حکام نے یقین دہانی کرائی ہے کہ جلد اقدامات کیے جائیں گے۔ شہریوں نے مطالبہ کیا ہے کہ بنیادی سہولیات کی فراہمی کو یقینی بنایا جائے اور ترقیاتی کاموں کو بروقت مکمل کیا جائے۔ اجلاس میں مختلف تجاویز پر غور کیا گیا اور فیصلہ کیا گیا کہ آئندہ ہفتے تفصیلی رپورٹ پیش کی جائے گی۔ متعلقہ افسران نے بتایا کہ منصوبے پر کام جاری ہے اور وسائل کی فراہمی کے بعد اسے مکمل کر لیا جائے گا۔
شہر میں مختلف علاقوں سے موصول ہونے والی اطلاعات کے مطابق عوامی مسائل کے حل کے لیے متعلقہ اداروں سے رابطہ کیا گیا ہے اور حکام نے یقین دہانی کرائی ہے کہ جلد اقدامات کیے جائیں گے۔ شہریوں نے مطالبہ کیا ہے کہ بنیادی سہولیات کی فراہمی کو یقینی بنایا جائے اور ترقیاتی کاموں کو بروقت مکمل کیا جائے۔ اجلاس میں مختلف تجاویز پر غور کیا گیا اور فیصلہ کیا گیا کہ آئندہ ہفتے تفصیلی رپورٹ پیش کی جائے گی۔ متعلقہ افسران نے بتایا کہ منصوبے پر کام جاری ہے اور وسائل کی فراہمی کے بعد اسے مکمل کر لیا جائے گا۔
شہر میں مختلف علاقوں سے موصول ہونے والی اطلاعات کے مطابق عوامی مسائل کے حل کے لیے متعلقہ اداروں سے رابطہ کیا گیا ہے اور حکام نے یقین دہانی کرائی ہے کہ جلد اقدامات کیے جائیں گے۔ شہریوں نے مطالبہ کیا ہے کہ بنیادی سہولیات کی فراہمی کو یقینی بنایا جائے اور ترقیاتی کاموں کو بروقت مکمل کیا جائے۔ اجلاس میں مختلف تجاویز پر غور کیا گیا اور فیصلہ کیا گیا کہ آئندہ ہفتے تفصیلی رپورٹ پیش کی جائے گی۔ متعلقہ افسران نے بتایا کہ منصوبے پر کام جاری ہے اور وسائل کی فراہمی کے بعد اسے مکمل کر لیا جائے گا۔
نمبر 8
تجارت
شہر میں مختلف علاقوں سے موصول ہونے والی اطلاعات کے مطابق عوامی مسائل کے حل کے لیے متعلقہ اداروں سے رابطہ کیا گیا ہے اور حکام نے یقین دہانی کرائی ہے کہ جلد اقدامات کیے جائیں گے۔ شہریوں نے مطالبہ کیا ہے کہ بنیادی سہولیات کی فراہمی کو یقینی بنایا جائے اور ترقیاتی کاموں کو بروقت مکمل کیا جائے۔ اجلاس میں مختلف تجاویز پر غور کیا گیا اور فیصلہ کیا گیا کہ آئندہ ہفتے تفصیلی رپورٹ پیش کی جائے گی۔ متعلقہ افسران نے بتایا کہ منصوبے پر کام جاری ہے اور وسائل کی فراہمی کے بعد اسے مکمل کر لیا جائے گا۔
نمبر 9
امن و امان
شہر میں مختلف علاقوں سے موصول ہونے والی اطلاعات کے مطابق عوامی مسائل کے حل کے لیے متعلقہ اداروں سے رابطہ کیا گیا ہے اور حکام نے یقین دہانی کرائی ہے کہ جلد اقدامات کیے جائیں گے۔ شہریوں نے مطالبہ کیا ہے کہ بنیادی سہولیات کی فراہمی کو یقینی بنایا جائے اور ترقیاتی کاموں کو بروقت مکمل کیا جائے۔ اجلاس میں مختلف تجاویز پر غور کیا گیا اور فیصلہ کیا گیا کہ آئندہ ہفتے تفصیلی رپورٹ پیش کی جائے گی۔ متعلقہ افسران نے بتایا کہ منصوبے پر کام جاری ہے اور وسائل کی فراہمی کے بعد اسے مکمل کر لیا جائے گا۔
نمبر 10
پولیس کارروائی
شہر میں مختلف علاقوں سے موصول ہونے والی اطلاعات کے مطابق عوامی مسائل کے حل کے لیے متعلقہ اداروں سے رابطہ کیا گیا ہے اور حکام نے یقین دہانی کرائی ہے کہ جلد اقدامات کیے جائیں گے۔ شہریوں نے مطالبہ کیا ہے کہ بنیادی سہولیات کی فراہمی کو یقینی بنایا جائے اور ترقیاتی کاموں کو بروقت مکمل کیا جائے۔ اجلاس میں مختلف تجاویز پر غور کیا گیا اور فیصلہ کیا گیا کہ آئندہ ہفتے تفصیلی رپورٹ پیش کی جائے گی۔ متعلقہ افسران نے بتایا کہ منصوبے پر کام جاری ہے اور وسائل کی فراہمی کے بعد اسے مکمل کر لیا جائے گا۔
نمبر 11
شہری سہولیات
شہر میں مختلف علاقوں سے موصول ہونے والی اطلاعات کے مطابق عوامی مسائل کے حل کے لیے متعلقہ اداروں سے رابطہ کیا گیا ہے اور حکام نے یقین دہانی کرائی ہے کہ جلد اقدامات کیے جائیں گے۔ شہریوں نے مطالبہ کیا ہے کہ بنیادی سہولیات کی فراہمی کو یقینی بنایا جائے اور ترقیاتی کاموں کو بروقت مکمل کیا جائے۔ اجلاس میں مختلف تجاویز پر غور کیا گیا اور فیصلہ کیا گیا کہ آئندہ ہفتے تفصیلی رپورٹ پیش کی جائے گی۔ متعلقہ افسران نے بتایا کہ منصوبے پر کام جاری ہے اور وسائل کی فراہمی کے بعد اسے مکمل کر لیا جائے گا۔
شہر میں مختلف علاقوں سے موصول ہونے والی اطلاعات کے مطابق عوامی مسائل کے حل کے لیے متعلقہ اداروں سے رابطہ کیا گیا ہے اور حکام نے یقین دہانی کرائی ہے کہ جلد اقدامات کیے جائیں گے۔ شہریوں نے مطالبہ کیا ہے کہ بنیادی سہولیات کی فراہمی کو یقینی بنایا جائے اور ترقیاتی کاموں کو بروقت مکمل کیا جائے۔ اجلاس میں مختلف تجاویز پر غور کیا گیا اور فیصلہ کیا گیا کہ آئندہ ہفتے تفصیلی رپورٹ پیش کی جائے گی۔ متعلقہ افسران نے بتایا کہ منصوبے پر کام جاری ہے اور وسائل کی فراہمی کے بعد اسے مکمل کر لیا جائے گا۔
شہر میں مختلف علاقوں سے موصول ہونے والی اطلاعات کے مطابق عوامی مسائل کے حل کے لیے متعلقہ اداروں سے رابطہ کیا گیا ہے اور حکام نے یقین دہانی کرائی ہے کہ جلد اقدامات کیے جائیں گے۔ شہریوں نے مطالبہ کیا ہے کہ بنیادی سہولیات کی فراہمی کو یقینی بنایا جائے اور ترقیاتی کاموں کو بروقت مکمل کیا جائے۔ اجلاس میں مختلف تجاویز پر غور کیا گیا اور فیصلہ کیا گیا کہ آئندہ ہفتے تفصیلی رپورٹ پیش کی جائے گی۔ متعلقہ افسران نے بتایا کہ منصوبے پر کام جاری ہے اور وسائل کی فراہمی کے بعد اسے مکمل کر لیا جائے گا۔
شہر میں مختلف علاقوں سے موصول ہونے والی اطلاعات کے مطابق عوامی مسائل کے حل کے لیے متعلقہ اداروں سے رابطہ کیا گیا ہے اور حکام نے یقین دہانی کرائی ہے کہ جلد اقدامات کیے جائیں گے۔ شہریوں نے مطالبہ کیا ہے کہ بنیادی سہولیات کی فراہمی کو یقینی بنایا جائے اور ترقیاتی کاموں کو بروقت مکمل کیا جائے۔ اجلاس میں مختلف تجاویز پر غور کیا گیا اور فیصلہ کیا گیا کہ آئندہ ہفتے تفصیلی رپورٹ پیش کی جائے گی۔ متعلقہ افسران نے بتایا کہ منصوبے پر کام جاری ہے اور وسائل کی فراہمی کے بعد اسے مکمل کر لیا جائے گا۔
نمبر 3
عالمی سطح پر
شہر میں مختلف علاقوں سے موصول ہونے والی اطلاعات کے مطابق عوامی مسائل کے حل کے لیے متعلقہ اداروں سے رابطہ کیا گیا ہے اور حکام نے یقین دہانی کرائی ہے کہ جلد اقدامات کیے جائیں گے۔ شہریوں نے مطالبہ کیا ہے کہ بنیادی سہولیات کی فراہمی کو یقینی بنایا جائے اور ترقیاتی کاموں کو بروقت مکمل کیا جائے۔ اجلاس میں مختلف تجاویز پر غور کیا گیا اور فیصلہ کیا گیا کہ آئندہ ہفتے تفصیلی رپورٹ پیش کی جائے گی۔ متعلقہ افسران نے بتایا کہ منصوبے پر کام جاری ہے اور وسائل کی فراہمی کے بعد اسے مکمل کر لیا جائے گا۔
شہر میں مختلف علاقوں سے موصول ہونے والی اطلاعات کے مطابق عوامی مسائل کے حل کے لیے متعلقہ اداروں سے رابطہ کیا گیا ہے اور حکام نے یقین دہانی کرائی ہے کہ جلد اقدامات کیے جائیں گے۔ شہریوں نے مطالبہ کیا ہے کہ بنیادی سہولیات کی فراہمی کو یقینی بنایا جائے اور ترقیاتی کاموں کو بروقت مکمل کیا جائے۔ اجلاس میں مختلف تجاویز پر غور کیا گیا اور فیصلہ کیا گیا کہ آئندہ ہفتے تفصیلی رپورٹ پیش کی جائے گی۔ متعلقہ افسران نے بتایا کہ منصوبے پر کام جاری ہے اور وسائل کی فراہمی کے بعد اسے مکمل کر لیا جائے گا۔
نمبر 4
شہری مسائل
شہر میں مختلف علاقوں سے موصول ہونے والی اطلاعات کے مطابق عوامی مسائل کے حل کے لیے متعلقہ اداروں سے رابطہ کیا گیا ہے اور حکام نے یقین دہانی کرائی ہے کہ جلد اقدامات کیے جائیں گے۔ شہریوں نے مطالبہ کیا ہے کہ بنیادی سہولیات کی فراہمی کو یقینی بنایا جائے اور ترقیاتی کاموں کو بروقت مکمل کیا جائے۔ اجلاس میں مختلف تجاویز پر غور کیا گیا اور فیصلہ کیا گیا کہ آئندہ ہفتے تفصیلی رپورٹ پیش کی جائے گی۔ متعلقہ افسران نے بتایا کہ منصوبے پر کام جاری ہے اور وسائل کی فراہمی کے بعد اسے مکمل کر لیا جائے گا۔
شہر میں مختلف علاقوں سے موصول ہونے والی اطلاعات کے مطابق عوامی مسائل کے حل کے لیے متعلقہ اداروں سے رابطہ کیا گیا ہے اور حکام نے یقین دہانی کرائی ہے کہ جلد اقدامات کیے جائیں گے۔ شہریوں نے مطالبہ کیا ہے کہ بنیادی سہولیات کی فراہمی کو یقینی بنایا جائے اور ترقیاتی کاموں کو بروقت مکمل کیا جائے۔ اجلاس میں مختلف تجاویز پر غور کیا گیا اور فیصلہ کیا گیا کہ آئندہ ہفتے تفصیلی رپورٹ پیش کی جائے گی۔ متعلقہ افسران نے بتایا کہ منصوبے پر کام جاری ہے اور وسائل کی فراہمی کے بعد اسے مکمل کر لیا جائے گا۔
شہر میں مختلف علاقوں سے موصول ہونے والی اطلاعات کے مطابق عوامی مسائل کے حل کے لیے متعلقہ اداروں سے رابطہ کیا گیا ہے اور حکام نے یقین دہانی کرائی ہے کہ جلد اقدامات کیے جائیں گے۔ شہریوں نے مطالبہ کیا ہے کہ بنیادی سہولیات کی فراہمی کو یقینی بنایا جائے اور ترقیاتی کاموں کو بروقت مکمل کیا جائے۔ اجلاس میں مختلف تجاویز پر غور کیا گیا اور فیصلہ کیا گیا کہ آئندہ ہفتے تفصیلی رپورٹ پیش کی جائے گی۔ متعلقہ افسران نے بتایا کہ منصوبے پر کام جاری ہے اور وسائل کی فراہمی کے بعد اسے مکمل کر لیا جائے گا۔
نمبر 5
سرکاری اعلان
شہر میں مختلف علاقوں سے موصول ہونے والی اطلاعات کے مطابق عوامی مسائل کے حل کے لیے متعلقہ اداروں سے رابطہ کیا گیا ہے اور حکام نے یقین دہانی کرائی ہے کہ جلد اقدامات کیے جائیں گے۔ شہریوں نے مطالبہ کیا ہے کہ بنیادی سہولیات کی فراہمی کو یقینی بنایا جائے اور ترقیاتی کاموں کو بروقت مکمل کیا جائے۔ اجلاس میں مختلف تجاویز پر غور کیا گیا اور فیصلہ کیا گیا کہ آئندہ ہفتے تفصیلی رپورٹ پیش کی جائے گی۔ متعلقہ افسران نے بتایا کہ منصوبے پر کام جاری ہے اور وسائل کی فراہمی کے بعد اسے مکمل کر لیا جائے گا۔
شہر میں مختلف علاقوں سے موصول ہونے والی اطلاعات کے مطابق عوامی مسائل کے حل کے لیے متعلقہ اداروں سے رابطہ کیا گیا ہے اور حکام نے یقین دہانی کرائی ہے کہ جلد اقدامات کیے جائیں گے۔ شہریوں نے مطالبہ کیا ہے کہ بنیادی سہولیات کی فراہمی کو یقینی بنایا جائے اور ترقیاتی کاموں کو بروقت مکمل کیا جائے۔ اجلاس میں مختلف تجاویز پر غور کیا گیا اور فیصلہ کیا گیا کہ آئندہ ہفتے تفصیلی رپورٹ پیش کی جائے گی۔ متعلقہ افسران نے بتایا کہ منصوبے پر کام جاری ہے اور وسائل کی فراہمی کے بعد اسے مکمل کر لیا جائے گا۔
نمبر 1
امن معاہدے اور پاکستان
شہر میں مختلف علاقوں سے موصول ہونے والی اطلاعات کے مطابق عوامی مسائل کے حل کے لیے متعلقہ اداروں سے رابطہ کیا گیا ہے اور حکام نے یقین دہانی کرائی ہے کہ جلد اقدامات کیے جائیں گے۔ شہریوں نے مطالبہ کیا ہے کہ بنیادی سہولیات کی فراہمی کو یقینی بنایا جائے اور ترقیاتی کاموں کو بروقت مکمل کیا جائے۔ اجلاس میں مختلف تجاویز پر غور کیا گیا اور فیصلہ کیا گیا کہ آئندہ ہفتے تفصیلی رپورٹ پیش کی جائے گی۔ متعلقہ افسران نے بتایا کہ منصوبے پر کام جاری ہے اور وسائل کی فراہمی کے بعد اسے مکمل کر لیا جائے گا۔
شہر میں مختلف علاقوں سے موصول ہونے والی اطلاعات کے مطابق عوامی مسائل کے حل کے لیے متعلقہ اداروں سے رابطہ کیا گیا ہے اور حکام نے یقین دہانی کرائی ہے کہ جلد اقدامات کیے جائیں گے۔ شہریوں نے مطالبہ کیا ہے کہ بنیادی سہولیات کی فراہمی کو یقینی بنایا جائے اور ترقیاتی کاموں کو بروقت مکمل کیا جائے۔ اجلاس میں مختلف تجاویز پر غور کیا گیا اور فیصلہ کیا گیا کہ آئندہ ہفتے تفصیلی رپورٹ پیش کی جائے گی۔ متعلقہ افسران نے بتایا کہ منصوبے پر کام جاری ہے اور وسائل کی فراہمی کے بعد اسے مکمل کر لیا جائے گا۔
شہر میں مختلف علاقوں سے موصول ہونے والی اطلاعات کے مطابق عوامی مسائل کے حل کے لیے متعلقہ اداروں سے رابطہ کیا گیا ہے اور حکام نے یقین دہانی کرائی ہے کہ جلد اقدامات کیے جائیں گے۔ شہریوں نے مطالبہ کیا ہے کہ بنیادی سہولیات کی فراہمی کو یقینی بنایا جائے اور ترقیاتی کاموں کو بروقت مکمل کیا جائے۔ اجلاس میں مختلف تجاویز پر غور کیا گیا اور فیصلہ کیا گیا کہ آئندہ ہفتے تفصیلی رپورٹ پیش کی جائے گی۔ متعلقہ افسران نے بتایا کہ منصوبے پر کام جاری ہے اور وسائل کی فراہمی کے بعد اسے مکمل کر لیا جائے گا۔
شہر میں مختلف علاقوں سے موصول ہونے والی اطلاعات کے مطابق عوامی مسائل کے حل کے لیے متعلقہ اداروں سے رابطہ کیا گیا ہے اور حکام نے یقین دہانی کرائی ہے کہ جلد اقدامات کیے جائیں گے۔ شہریوں نے مطالبہ کیا ہے کہ بنیادی سہولیات کی فراہمی کو یقینی بنایا جائے اور ترقیاتی کاموں کو بروقت مکمل کیا جائے۔ اجلاس میں مختلف تجاویز پر غور کیا گیا اور فیصلہ کیا گیا کہ آئندہ ہفتے تفصیلی رپورٹ پیش کی جائے گی۔ متعلقہ افسران نے بتایا کہ منصوبے پر کام جاری ہے اور وسائل کی فراہمی کے بعد اسے مکمل کر لیا جائے گا۔
شہر میں مختلف علاقوں سے موصول ہونے والی اطلاعات کے مطابق عوامی مسائل کے حل کے لیے متعلقہ اداروں سے رابطہ کیا گیا ہے اور حکام نے یقین دہانی کرائی ہے کہ جلد اقدامات کیے جائیں گے۔ شہریوں نے مطالبہ کیا ہے کہ بنیادی سہولیات کی فراہمی کو یقینی بنایا جائے اور ترقیاتی کاموں کو بروقت مکمل کیا جائے۔ اجلاس میں مختلف تجاویز پر غور کیا گیا اور فیصلہ کیا گیا کہ آئندہ ہفتے تفصیلی رپورٹ پیش کی جائے گی۔ متعلقہ افسران نے بتایا کہ منصوبے پر کام جاری ہے اور وسائل کی فراہمی کے بعد اسے مکمل کر لیا جائے گا۔
شہر میں مختلف علاقوں سے موصول ہونے والی اطلاعات کے مطابق عوامی مسائل کے حل کے لیے متعلقہ اداروں سے رابطہ کیا گیا ہے اور حکام نے یقین دہانی کرائی ہے کہ جلد اقدامات کیے جائیں گے۔ شہریوں نے مطالبہ کیا ہے کہ بنیادی سہولیات کی فراہمی کو یقینی بنایا جائے اور ترقیاتی کاموں کو بروقت مکمل کیا جائے۔ اجلاس میں مختلف تجاویز پر غور کیا گیا اور فیصلہ کیا گیا کہ آئندہ ہفتے تفصیلی رپورٹ پیش کی جائے گی۔ متعلقہ افسران نے بتایا کہ منصوبے پر کام جاری ہے اور وسائل کی فراہمی کے بعد اسے مکمل کر لیا جائے گا۔
شہر میں مختلف علاقوں سے موصول ہونے والی اطلاعات کے مطابق عوامی مسائل کے حل کے لیے متعلقہ اداروں سے رابطہ کیا گیا ہے اور حکام نے یقین دہانی کرائی ہے کہ جلد اقدامات کیے جائیں گے۔ شہریوں نے مطالبہ کیا ہے کہ بنیادی سہولیات کی فراہمی کو یقینی بنایا جائے اور ترقیاتی کاموں کو بروقت مکمل کیا جائے۔ اجلاس میں مختلف تجاویز پر غور کیا گیا اور فیصلہ کیا گیا کہ آئندہ ہفتے تفصیلی رپورٹ پیش کی جائے گی۔ متعلقہ افسران نے بتایا کہ منصوبے پر کام جاری ہے اور وسائل کی فراہمی کے بعد اسے مکمل کر لیا جائے گا۔
شہر میں مختلف علاقوں سے موصول ہونے والی اطلاعات کے مطابق عوامی مسائل کے حل کے لیے متعلقہ اداروں سے رابطہ کیا گیا ہے اور حکام نے یقین دہانی کرائی ہے کہ جلد اقدامات کیے جائیں گے۔ شہریوں نے مطالبہ کیا ہے کہ بنیادی سہولیات کی فراہمی کو یقینی بنایا جائے اور ترقیاتی کاموں کو بروقت مکمل کیا جائے۔ اجلاس میں مختلف تجاویز پر غور کیا گیا اور فیصلہ کیا گیا کہ آئندہ ہفتے تفصیلی رپورٹ پیش کی جائے گی۔ متعلقہ افسران نے بتایا کہ منصوبے پر کام جاری ہے اور وسائل کی فراہمی کے بعد اسے مکمل کر لیا جائے گا۔
شہر میں مختلف علاقوں سے موصول ہونے والی اطلاعات کے مطابق عوامی مسائل کے حل کے لیے متعلقہ اداروں سے رابطہ کیا گیا ہے اور حکام نے یقین دہانی کرائی ہے کہ جلد اقدامات کیے جائیں گے۔ شہریوں نے مطالبہ کیا ہے کہ بنیادی سہولیات کی فراہمی کو یقینی بنایا جائے اور ترقیاتی کاموں کو بروقت مکمل کیا جائے۔ اجلاس میں مختلف تجاویز پر غور کیا گیا اور فیصلہ کیا گیا کہ آئندہ ہفتے تفصیلی رپورٹ پیش کی جائے گی۔ متعلقہ افسران نے بتایا کہ منصوبے پر کام جاری ہے اور وسائل کی فراہمی کے بعد اسے مکمل کر لیا جائے گا۔
شہر میں مختلف علاقوں سے موصول ہونے والی اطلاعات کے مطابق عوامی مسائل کے حل کے لیے متعلقہ اداروں سے رابطہ کیا گیا ہے اور حکام نے یقین دہانی کرائی ہے کہ جلد اقدامات کیے جائیں گے۔ شہریوں نے مطالبہ کیا ہے کہ بنیادی سہولیات کی فراہمی کو یقینی بنایا جائے اور ترقیاتی کاموں کو بروقت مکمل کیا جائے۔ اجلاس میں مختلف تجاویز پر غور کیا گیا اور فیصلہ کیا گیا کہ آئندہ ہفتے تفصیلی رپورٹ پیش کی جائے گی۔ متعلقہ افسران نے بتایا کہ منصوبے پر کام جاری ہے اور وسائل کی فراہمی کے بعد اسے مکمل کر لیا جائے گا۔
شہر میں مختلف علاقوں سے موصول ہونے والی اطلاعات کے مطابق عوامی مسائل کے حل کے لیے متعلقہ اداروں سے رابطہ کیا گیا ہے اور حکام نے یقین دہانی کرائی ہے کہ جلد اقدامات کیے جائیں گے۔ شہریوں نے مطالبہ کیا ہے کہ بنیادی سہولیات کی فراہمی کو یقینی بنایا جائے اور ترقیاتی کاموں کو بروقت مکمل کیا جائے۔ اجلاس میں مختلف تجاویز پر غور کیا گیا اور فیصلہ کیا گیا کہ آئندہ ہفتے تفصیلی رپورٹ پیش کی جائے گی۔ متعلقہ افسران نے بتایا کہ منصوبے پر کام جاری ہے اور وسائل کی فراہمی کے بعد اسے مکمل کر لیا جائے گا۔
شہر میں مختلف علاقوں سے موصول ہونے والی اطلاعات کے مطابق عوامی مسائل کے حل کے لیے متعلقہ اداروں سے رابطہ کیا گیا ہے اور حکام نے یقین دہانی کرائی ہے کہ جلد اقدامات کیے جائیں گے۔ شہریوں نے مطالبہ کیا ہے کہ بنیادی سہولیات کی فراہمی کو یقینی بنایا جائے اور ترقیاتی کاموں کو بروقت مکمل کیا جائے۔ اجلاس میں مختلف تجاویز پر غور کیا گیا اور فیصلہ کیا گیا کہ آئندہ ہفتے تفصیلی رپورٹ پیش کی جائے گی۔ متعلقہ افسران نے بتایا کہ منصوبے پر کام جاری ہے اور وسائل کی فراہمی کے بعد اسے مکمل کر لیا جائے گا۔
نمبر 2
مسلح افواج
شہر میں مختلف علاقوں سے موصول ہونے والی اطلاعات کے مطابق عوامی مسائل کے حل کے لیے متعلقہ اداروں سے رابطہ کیا گیا ہے اور حکام نے یقین دہانی کرائی ہے کہ جلد اقدامات کیے جائیں گے۔ شہریوں نے مطالبہ کیا ہے کہ بنیادی سہولیات کی فراہمی کو یقینی بنایا جائے اور ترقیاتی کاموں کو بروقت مکمل کیا جائے۔ اجلاس میں مختلف تجاویز پر غور کیا گیا اور فیصلہ کیا گیا کہ آئندہ ہفتے تفصیلی رپورٹ پیش کی جائے گی۔ متعلقہ افسران نے بتایا کہ منصوبے پر کام جاری ہے اور وسائل کی فراہمی کے بعد اسے مکمل کر لیا جائے گا۔
